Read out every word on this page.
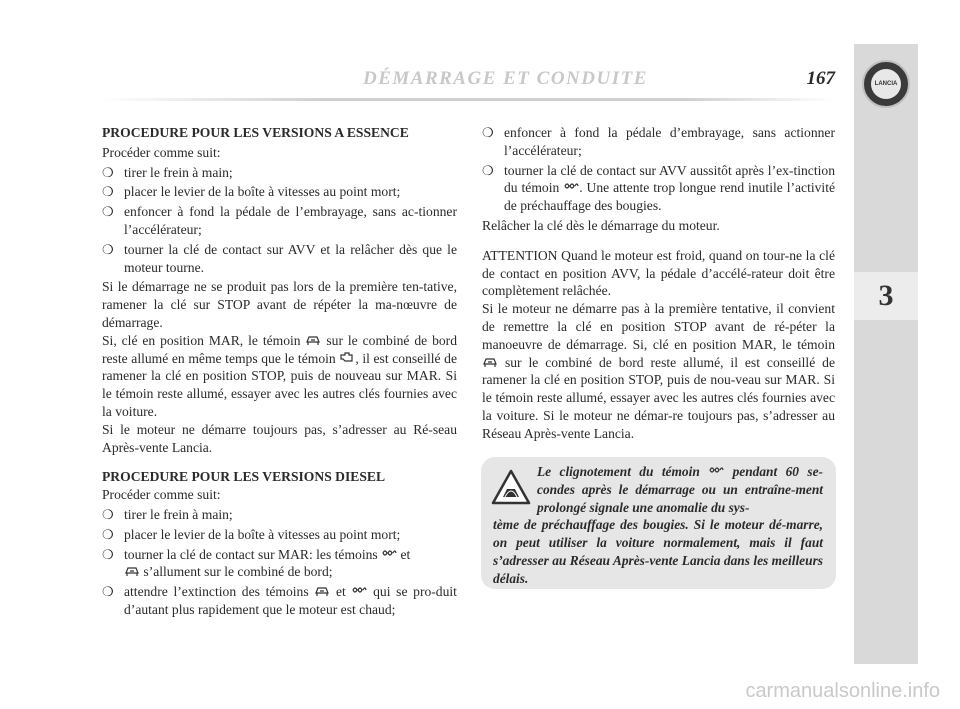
LANCIA
3
DÉMARRAGE ET CONDUITE	167

PROCEDURE POUR LES VERSIONS A ESSENCE

Procéder comme suit:

❍ tirer le frein à main;

❍ placer le levier de la boîte à vitesses au point mort;

❍ enfoncer à fond la pédale de l’embrayage, sans ac-tionner l’accélérateur;

❍ tourner la clé de contact sur AVV et la relâcher dès que le moteur tourne.

Si le démarrage ne se produit pas lors de la première ten-tative, ramener la clé sur STOP avant de répéter la ma-nœuvre de démarrage.

Si, clé en position MAR, le témoin sur le combiné de bord reste allumé en même temps que le témoin , il est conseillé de ramener la clé en position STOP, puis de nouveau sur MAR. Si le témoin reste allumé, essayer avec les autres clés fournies avec la voiture.

Si le moteur ne démarre toujours pas, s’adresser au Ré-seau Après-vente Lancia.

PROCEDURE POUR LES VERSIONS DIESEL

Procéder comme suit:

❍ tirer le frein à main;

❍ placer le levier de la boîte à vitesses au point mort;

❍ tourner la clé de contact sur MAR: les témoins et
s’allument sur le combiné de bord;

❍ attendre l’extinction des témoins et qui se pro-duit d’autant plus rapidement que le moteur est chaud;

❍ enfoncer à fond la pédale d’embrayage, sans actionner l’accélérateur;

❍ tourner la clé de contact sur AVV aussitôt après l’ex-tinction du témoin . Une attente trop longue rend inutile l’activité de préchauffage des bougies.

Relâcher la clé dès le démarrage du moteur.

ATTENTION Quand le moteur est froid, quand on tour-ne la clé de contact en position AVV, la pédale d’accélé-rateur doit être complètement relâchée.

Si le moteur ne démarre pas à la première tentative, il convient de remettre la clé en position STOP avant de ré-péter la manoeuvre de démarrage. Si, clé en position MAR, le témoin  sur le combiné de bord reste allumé, il est conseillé de ramener la clé en position STOP, puis de nou-veau sur MAR. Si le témoin reste allumé, essayer avec les autres clés fournies avec la voiture. Si le moteur ne démar-re toujours pas, s’adresser au Réseau Après-vente Lancia.

Le clignotement du témoin pendant 60 se-condes après le démarrage ou un entraîne-ment prolongé signale une anomalie du sys-
tème de préchauffage des bougies. Si le moteur dé-marre, on peut utiliser la voiture normalement, mais il faut s’adresser au Réseau Après-vente Lancia dans les meilleurs délais.
carmanualsonline.info
